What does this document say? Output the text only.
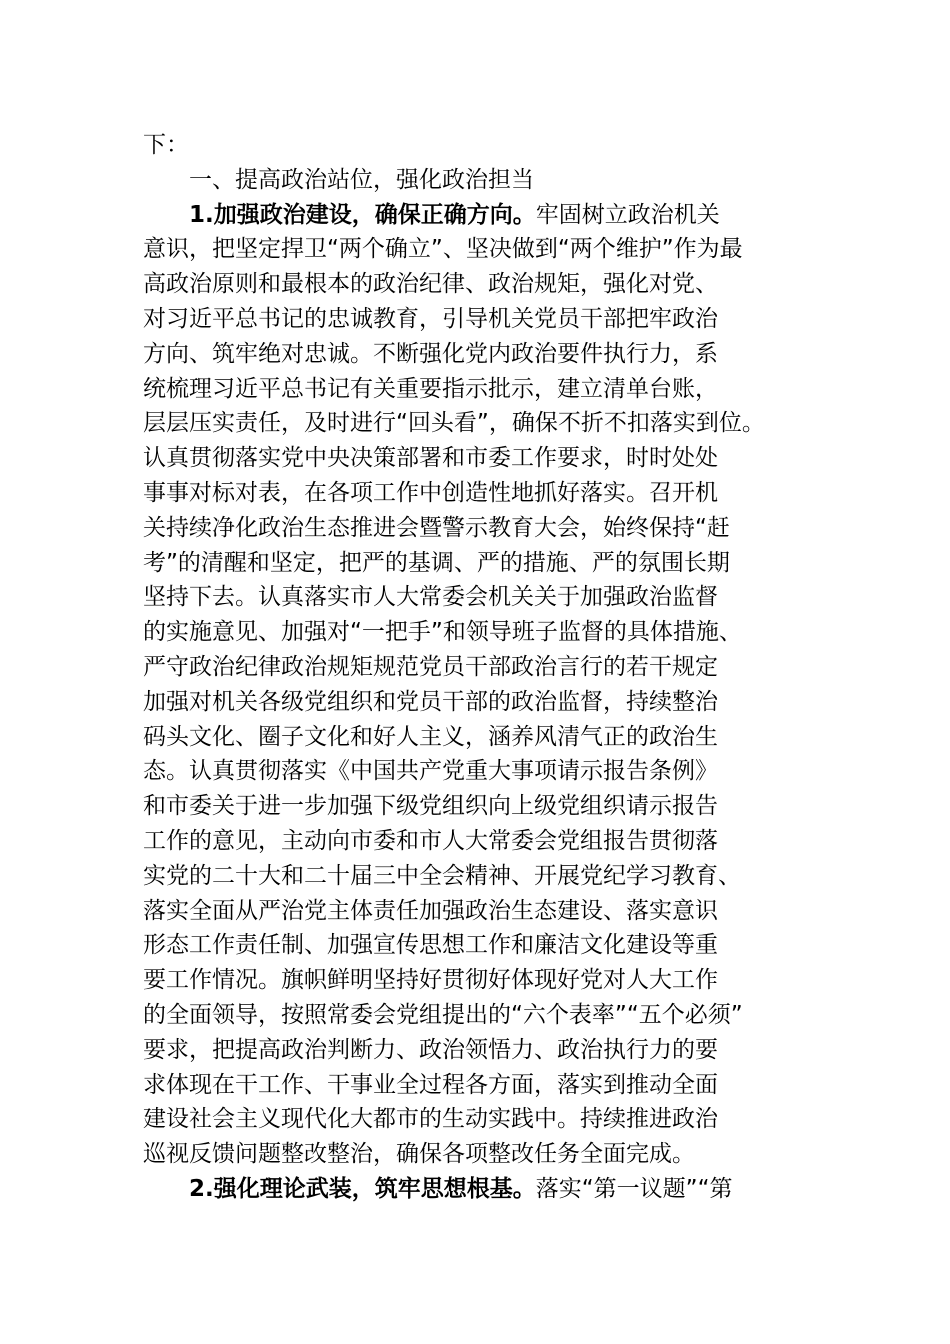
下：
一、提高政治站位，强化政治担当
1.加强政治建设，确保正确方向。牢固树立政治机关
意识，把坚定捍卫“两个确立”、坚决做到“两个维护”作为最
高政治原则和最根本的政治纪律、政治规矩，强化对党、
对习近平总书记的忠诚教育，引导机关党员干部把牢政治
方向、筑牢绝对忠诚。不断强化党内政治要件执行力，系
统梳理习近平总书记有关重要指示批示，建立清单台账，
层层压实责任，及时进行“回头看”，确保不折不扣落实到位。
认真贯彻落实党中央决策部署和市委工作要求，时时处处
事事对标对表，在各项工作中创造性地抓好落实。召开机
关持续净化政治生态推进会暨警示教育大会，始终保持“赶
考”的清醒和坚定，把严的基调、严的措施、严的氛围长期
坚持下去。认真落实市人大常委会机关关于加强政治监督
的实施意见、加强对“一把手”和领导班子监督的具体措施、
严守政治纪律政治规矩规范党员干部政治言行的若干规定
加强对机关各级党组织和党员干部的政治监督，持续整治
码头文化、圈子文化和好人主义，涵养风清气正的政治生
态。认真贯彻落实《中国共产党重大事项请示报告条例》
和市委关于进一步加强下级党组织向上级党组织请示报告
工作的意见，主动向市委和市人大常委会党组报告贯彻落
实党的二十大和二十届三中全会精神、开展党纪学习教育、
落实全面从严治党主体责任加强政治生态建设、落实意识
形态工作责任制、加强宣传思想工作和廉洁文化建设等重
要工作情况。旗帜鲜明坚持好贯彻好体现好党对人大工作
的全面领导，按照常委会党组提出的“六个表率”“五个必须”
要求，把提高政治判断力、政治领悟力、政治执行力的要
求体现在干工作、干事业全过程各方面，落实到推动全面
建设社会主义现代化大都市的生动实践中。持续推进政治
巡视反馈问题整改整治，确保各项整改任务全面完成。
2.强化理论武装，筑牢思想根基。落实“第一议题”“第
